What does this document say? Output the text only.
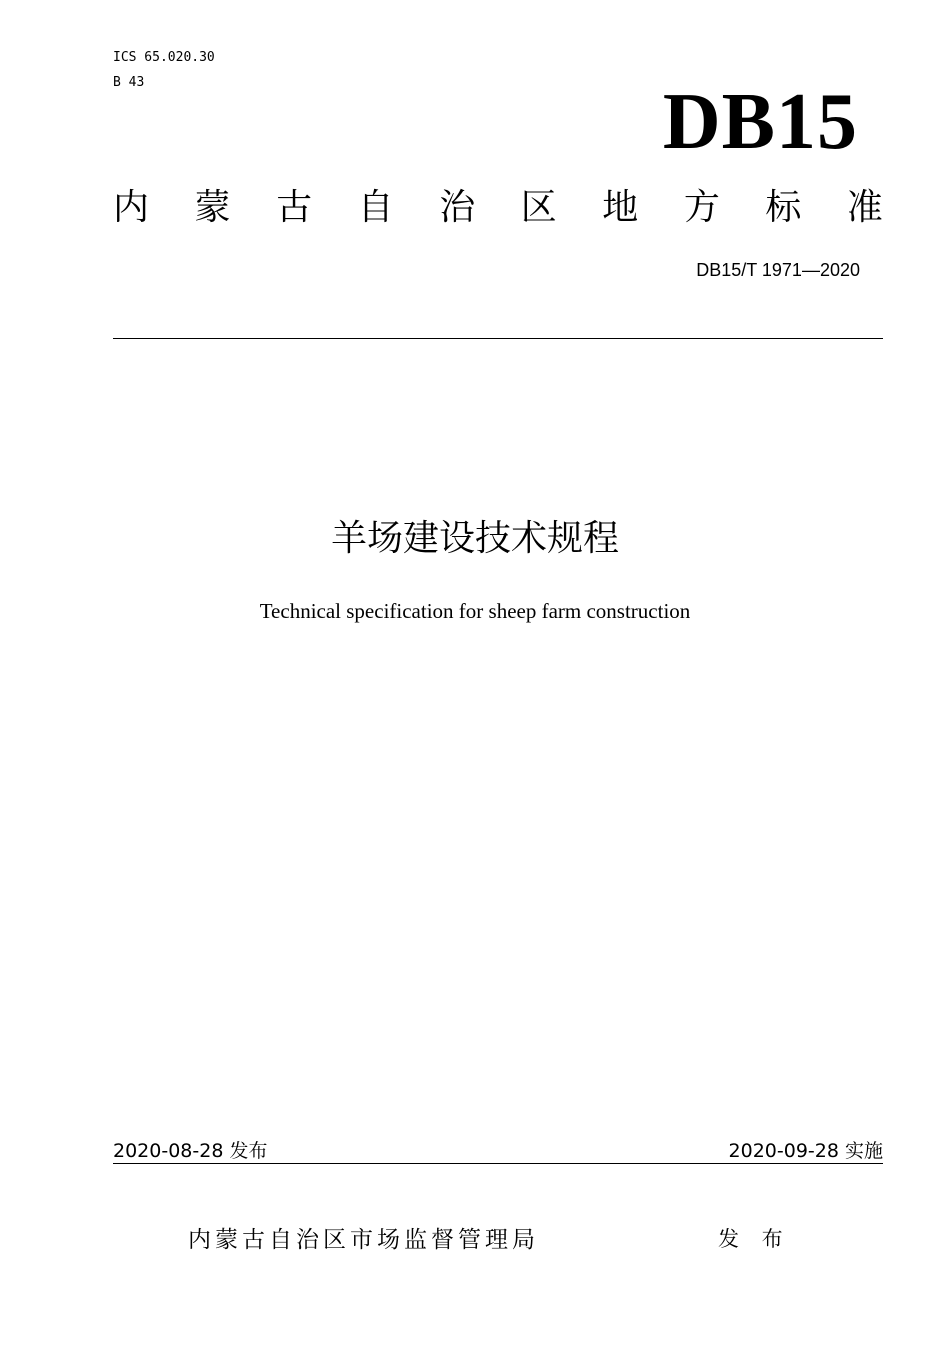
ICS 65.020.30
B 43	DB15
内 蒙 古 自 治 区 地 方 标 准
DB15/T 1971—2020
羊场建设技术规程
Technical specification for sheep farm construction
2020-08-28 发布	2020-09-28 实施
内蒙古自治区市场监督管理局	发 布
